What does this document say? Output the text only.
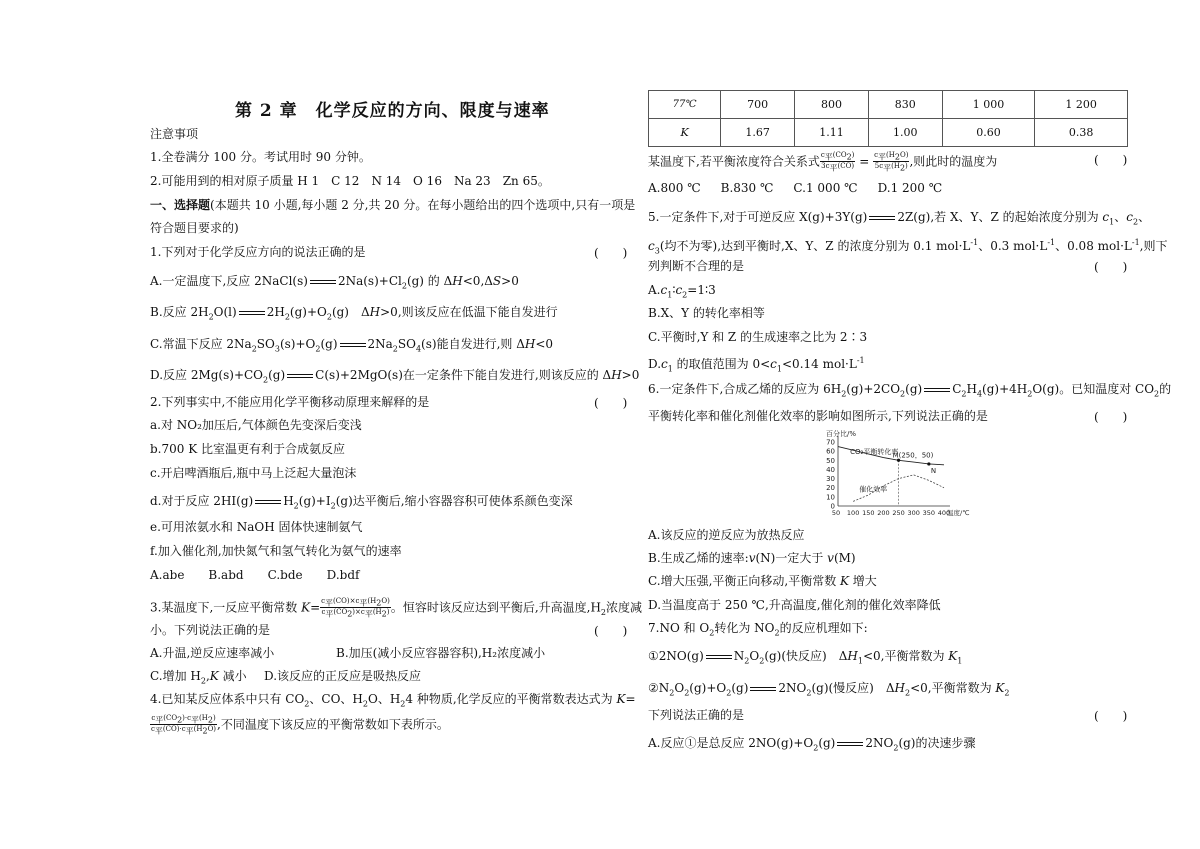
第 2 章　化学反应的方向、限度与速率
注意事项
1.全卷满分 100 分。考试用时 90 分钟。
2.可能用到的相对原子质量 H 1　C 12　N 14　O 16　Na 23　Zn 65。
一、选择题(本题共 10 小题,每小题 2 分,共 20 分。在每小题给出的四个选项中,只有一项是
符合题目要求的)
1.下列对于化学反应方向的说法正确的是	(　　)
A.一定温度下,反应 2NaCl(s)	$2Na(s)+Cl_2(g)$ 的 ΔH<0,ΔS>0
B.反应 $2H_2O(l)$	$2H_2(g)+O_2(g)$　ΔH>0,则该反应在低温下能自发进行
C.常温下反应 $2Na_2SO_3(s)+O_2(g)$	$2Na_2SO_4(s)$能自发进行,则 ΔH<0
D.反应 $2Mg(s)+CO_2(g)$	C(s)+2MgO(s)在一定条件下能自发进行,则该反应的 ΔH>0
2.下列事实中,不能应用化学平衡移动原理来解释的是	(　　)
a.对 NO₂加压后,气体颜色先变深后变浅
b.700 K 比室温更有利于合成氨反应
c.开启啤酒瓶后,瓶中马上泛起大量泡沫
d.对于反应 2HI(g)	$H_2(g)+I_2(g)$达平衡后,缩小容器容积可使体系颜色变深
e.可用浓氨水和 NaOH 固体快速制氨气
f.加入催化剂,加快氮气和氢气转化为氨气的速率
A.abe B.abd C.bde D.bdf
3.某温度下,一反应平衡常数 $K= \frac{c_平(CO)\times c_平(H_2O)}{c_平(CO_2)\times c_平(H_2)}$ 。恒容时该反应达到平衡后,升高温度$,H_2$浓度减
小。下列说法正确的是	(　　)
A.升温,逆反应速率减小	B.加压(减小反应容器容积),H₂浓度减小
C.增加 $H_2,K$ 减小 D.该反应的正反应是吸热反应
4.已知某反应体系中只有 $CO_2$、CO、$H_2O$、$H_24$ 种物质,化学反应的平衡常数表达式为 K=
$\frac{c_平(CO_2)\cdot c_平(H_2)}{c_平(CO)\cdot c_平(H_2O)}$ ,不同温度下该反应的平衡常数如下表所示。
77℃	700	800	830	1 000	1 200
K	1.67	1.11	1.00	0.60	0.38
某温度下,若平衡浓度符合关系式 $\frac{c_平(CO_2)}{3c_平(CO)} = \frac{c_平(H_2O)}{5c_平(H_2)}$ ,则此时的温度为	(　　)
A.800 ℃ B.830 ℃ C.1 000 ℃ D.1 200 ℃
5.一定条件下,对于可逆反应 X(g)+3Y(g)	2Z(g),若 X、Y、Z 的起始浓度分别为 $c_1$、$c_2$、
$c_3$(均不为零),达到平衡时,X、Y、Z 的浓度分别为 0.1 $mol\cdot L^{-1}$、0.3 $mol\cdot L^{-1}$、0.08 $mol\cdot L^{-1}$,则下
列判断不合理的是	(　　)
$A.c_1∶c_2=1∶3$
B.X、Y 的转化率相等
C.平衡时,Y 和 Z 的生成速率之比为 2∶3
$D.c_1$ 的取值范围为 $0<c_1<0.14$ $mol\cdot L^{-1}$
6.一定条件下,合成乙烯的反应为 $6H_2(g)+2CO_2(g)$	$C_2H_4(g)+4H_2O(g)$。已知温度对 $CO_2$的
平衡转化率和催化剂催化效率的影响如图所示,下列说法正确的是	(　　)
百分比/%
0
10
20
30
40
50
60
70
50 100 150 200 250 300 350 400
温度/℃
CO₂平衡转化率
催化效率
M(250，50)
N
A.该反应的逆反应为放热反应
B.生成乙烯的速率:v(N)一定大于 v(M)
C.增大压强,平衡正向移动,平衡常数 K 增大
D.当温度高于 250 ℃,升高温度,催化剂的催化效率降低
7.NO 和 $O_2$转化为 $NO_2$的反应机理如下:
①2NO(g)	$N_2O_2(g)$(快反应)　$\Delta H_1<0$,平衡常数为 $K_1$
$②N_2O_2(g)+O_2(g)$	$2NO_2(g)$(慢反应)　$\Delta H_2<0$,平衡常数为 $K_2$
下列说法正确的是	(　　)
A.反应①是总反应 $2NO(g)+O_2(g)$	$2NO_2(g)$的决速步骤
